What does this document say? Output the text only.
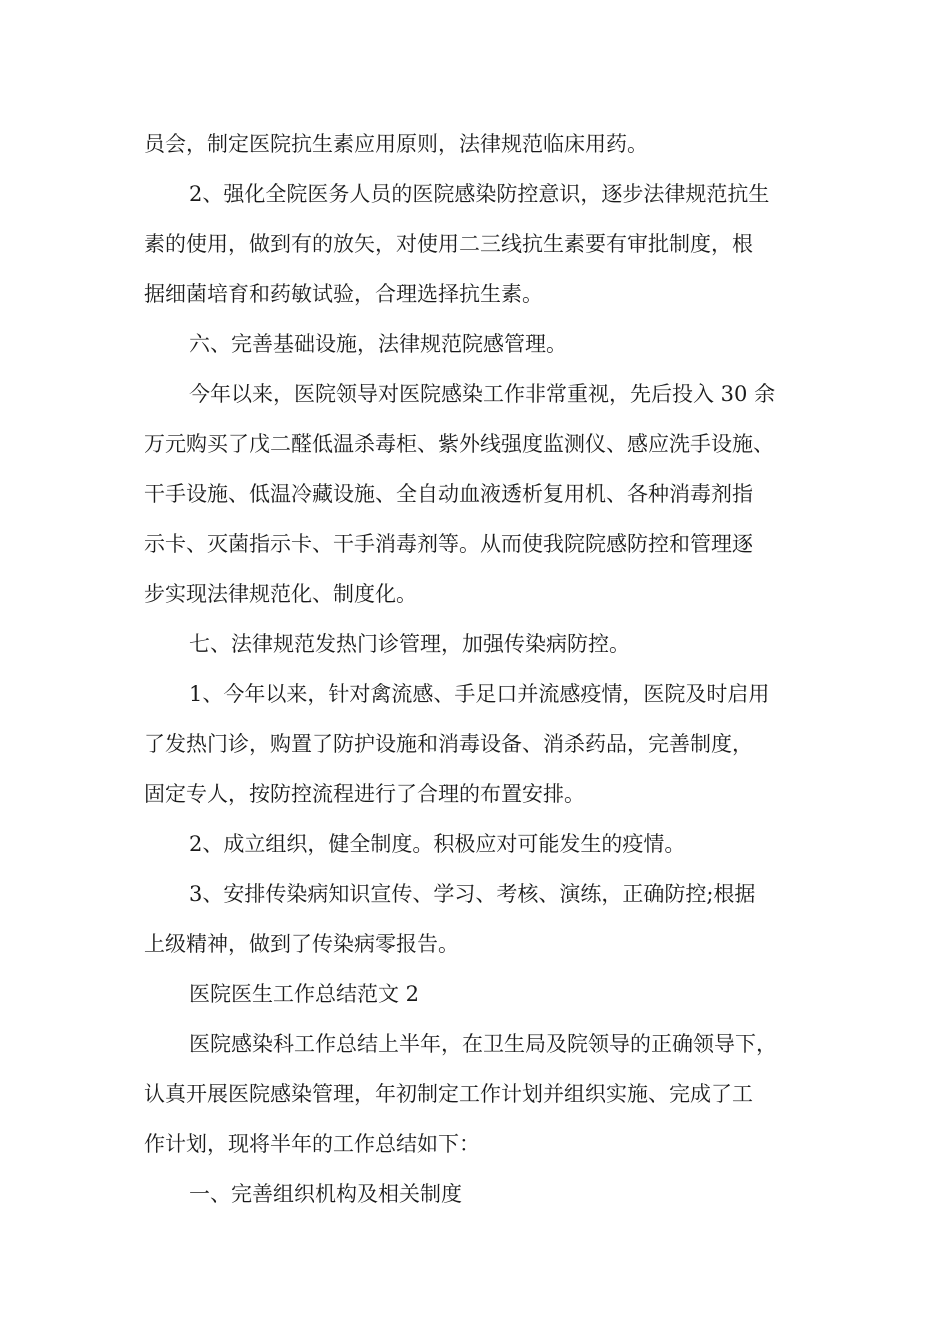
员会，制定医院抗生素应用原则，法律规范临床用药。
2、强化全院医务人员的医院感染防控意识，逐步法律规范抗生
素的使用，做到有的放矢，对使用二三线抗生素要有审批制度，根
据细菌培育和药敏试验，合理选择抗生素。
六、完善基础设施，法律规范院感管理。
今年以来，医院领导对医院感染工作非常重视，先后投入 30 余
万元购买了戊二醛低温杀毒柜、紫外线强度监测仪、感应洗手设施、
干手设施、低温冷藏设施、全自动血液透析复用机、各种消毒剂指
示卡、灭菌指示卡、干手消毒剂等。从而使我院院感防控和管理逐
步实现法律规范化、制度化。
七、法律规范发热门诊管理，加强传染病防控。
1、今年以来，针对禽流感、手足口并流感疫情，医院及时启用
了发热门诊，购置了防护设施和消毒设备、消杀药品，完善制度，
固定专人，按防控流程进行了合理的布置安排。
2、成立组织，健全制度。积极应对可能发生的疫情。
3、安排传染病知识宣传、学习、考核、演练，正确防控;根据
上级精神，做到了传染病零报告。
医院医生工作总结范文 2
医院感染科工作总结上半年，在卫生局及院领导的正确领导下，
认真开展医院感染管理，年初制定工作计划并组织实施、完成了工
作计划，现将半年的工作总结如下：
一、完善组织机构及相关制度
